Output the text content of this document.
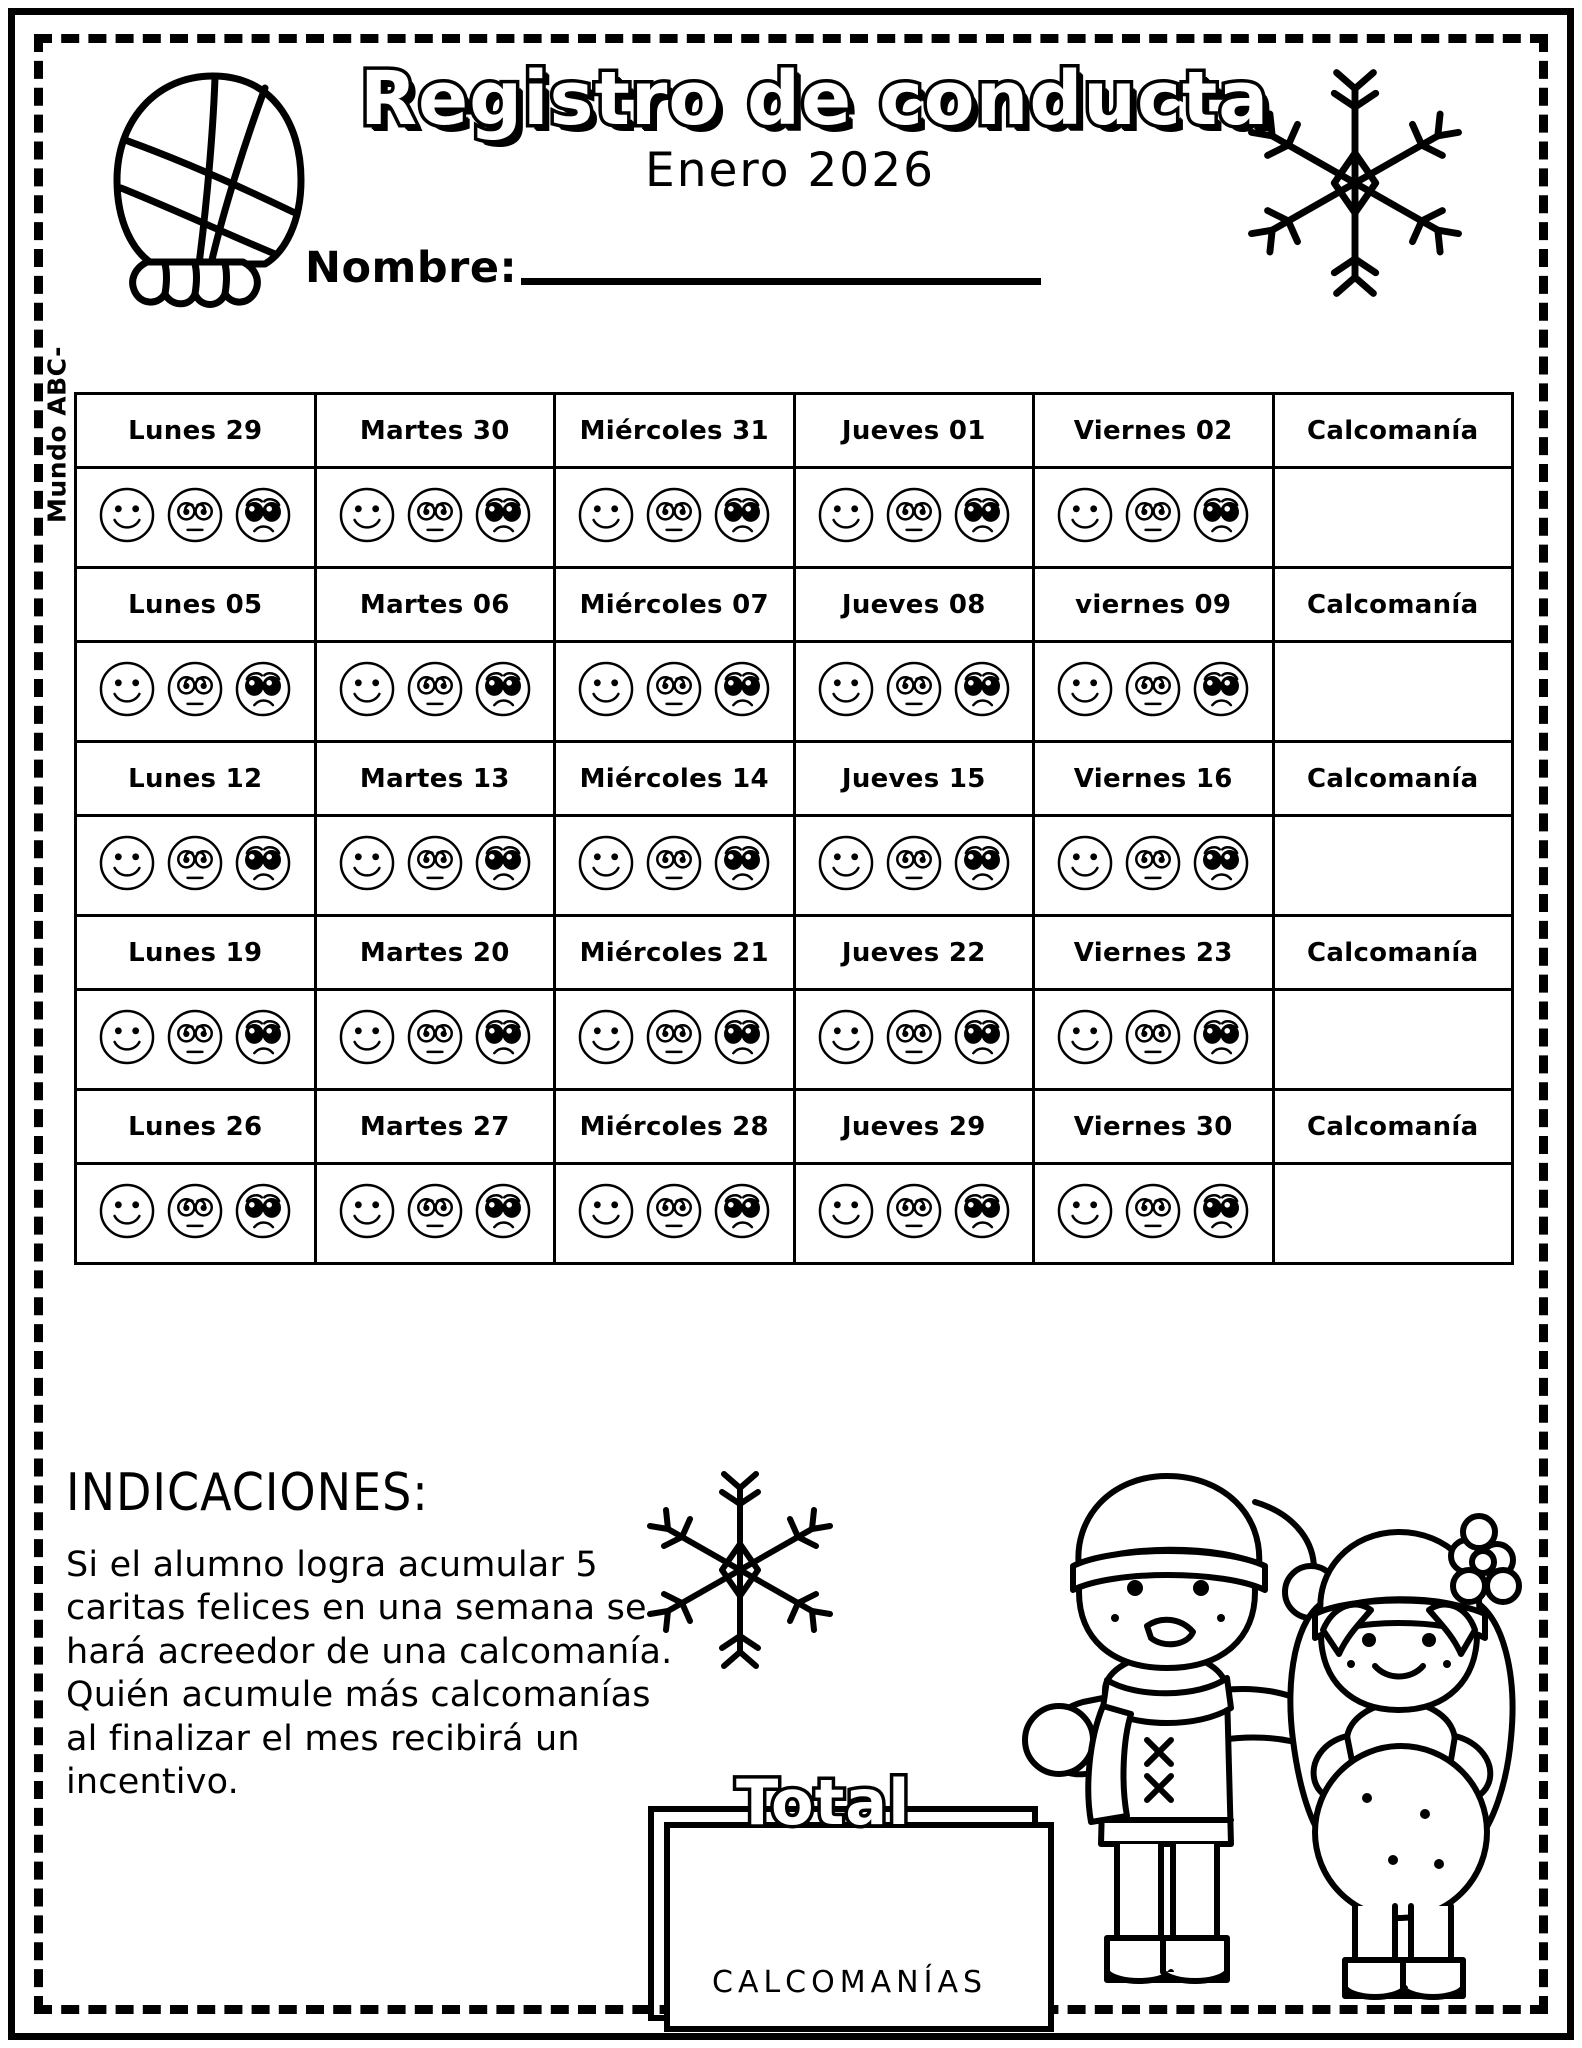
Mundo ABC-
Registro de conducta
Enero 2026
Nombre:
Lunes 29	Martes 30	Miércoles 31	Jueves 01	Viernes 02	Calcomanía

Lunes 05	Martes 06	Miércoles 07	Jueves 08	viernes 09	Calcomanía

Lunes 12	Martes 13	Miércoles 14	Jueves 15	Viernes 16	Calcomanía

Lunes 19	Martes 20	Miércoles 21	Jueves 22	Viernes 23	Calcomanía

Lunes 26	Martes 27	Miércoles 28	Jueves 29	Viernes 30	Calcomanía

INDICACIONES:
Si el alumno logra acumular 5 caritas felices en una semana se hará acreedor de una calcomanía. Quién acumule más calcomanías al finalizar el mes recibirá un incentivo.	Total
CALCOMANÍAS
